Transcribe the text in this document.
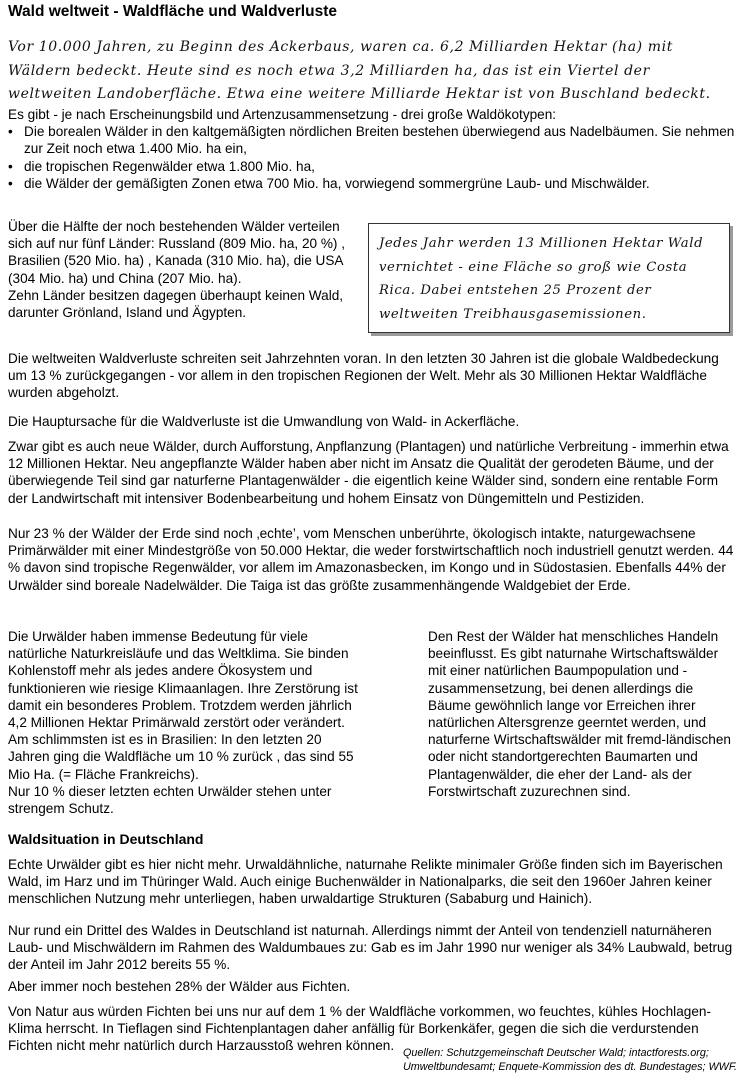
Wald weltweit - Waldfläche und Waldverluste
Vor 10.000 Jahren, zu Beginn des Ackerbaus, waren ca. 6,2 Milliarden Hektar (ha) mit Wäldern bedeckt. Heute sind es noch etwa 3,2 Milliarden ha, das ist ein Viertel der weltweiten Landoberfläche. Etwa eine weitere Milliarde Hektar ist von Buschland bedeckt.
Es gibt - je nach Erscheinungsbild und Artenzusammensetzung - drei große Waldökotypen:
• Die borealen Wälder in den kaltgemäßigten nördlichen Breiten bestehen überwiegend aus Nadelbäumen. Sie nehmen zur Zeit noch etwa 1.400 Mio. ha ein,
• die tropischen Regenwälder etwa 1.800 Mio. ha,
• die Wälder der gemäßigten Zonen etwa 700 Mio. ha, vorwiegend sommergrüne Laub- und Mischwälder.
Über die Hälfte der noch bestehenden Wälder verteilen sich auf nur fünf Länder: Russland (809 Mio. ha, 20 %) , Brasilien (520 Mio. ha) , Kanada (310 Mio. ha), die USA (304 Mio. ha) und China (207 Mio. ha).
Zehn Länder besitzen dagegen überhaupt keinen Wald, darunter Grönland, Island und Ägypten.
Jedes Jahr werden 13 Millionen Hektar Wald vernichtet - eine Fläche so groß wie Costa Rica. Dabei entstehen 25 Prozent der weltweiten Treibhausgasemissionen.
Die weltweiten Waldverluste schreiten seit Jahrzehnten voran. In den letzten 30 Jahren ist die globale Waldbedeckung um 13 % zurückgegangen - vor allem in den tropischen Regionen der Welt. Mehr als 30 Millionen Hektar Waldfläche wurden abgeholzt.
Die Hauptursache für die Waldverluste ist die Umwandlung von Wald- in Ackerfläche.
Zwar gibt es auch neue Wälder, durch Aufforstung, Anpflanzung (Plantagen) und natürliche Verbreitung - immerhin etwa 12 Millionen Hektar. Neu angepflanzte Wälder haben aber nicht im Ansatz die Qualität der gerodeten Bäume, und der überwiegende Teil sind gar naturferne Plantagenwälder - die eigentlich keine Wälder sind, sondern eine rentable Form der Landwirtschaft mit intensiver Bodenbearbeitung und hohem Einsatz von Düngemitteln und Pestiziden.
Nur 23 % der Wälder der Erde sind noch ‚echte’, vom Menschen unberührte, ökologisch intakte, naturgewachsene Primärwälder mit einer Mindestgröße von 50.000 Hektar, die weder forstwirtschaftlich noch industriell genutzt werden. 44 % davon sind tropische Regenwälder, vor allem im Amazonasbecken, im Kongo und in Südostasien. Ebenfalls 44% der Urwälder sind boreale Nadelwälder. Die Taiga ist das größte zusammenhängende Waldgebiet der Erde.
Die Urwälder haben immense Bedeutung für viele natürliche Naturkreisläufe und das Weltklima. Sie binden Kohlenstoff mehr als jedes andere Ökosystem und funktionieren wie riesige Klimaanlagen. Ihre Zerstörung ist damit ein besonderes Problem. Trotzdem werden jährlich 4,2 Millionen Hektar Primärwald zerstört oder verändert. Am schlimmsten ist es in Brasilien: In den letzten 20 Jahren ging die Waldfläche um 10 % zurück , das sind 55 Mio Ha. (= Fläche Frankreichs).
Nur 10 % dieser letzten echten Urwälder stehen unter strengem Schutz.
Den Rest der Wälder hat menschliches Handeln beeinflusst. Es gibt naturnahe Wirtschaftswälder mit einer natürlichen Baumpopulation und -zusammensetzung, bei denen allerdings die Bäume gewöhnlich lange vor Erreichen ihrer natürlichen Altersgrenze geerntet werden, und naturferne Wirtschaftswälder mit fremd-ländischen oder nicht standortgerechten Baumarten und Plantagenwälder, die eher der Land- als der Forstwirtschaft zuzurechnen sind.
Waldsituation in Deutschland
Echte Urwälder gibt es hier nicht mehr. Urwaldähnliche, naturnahe Relikte minimaler Größe finden sich im Bayerischen Wald, im Harz und im Thüringer Wald. Auch einige Buchenwälder in Nationalparks, die seit den 1960er Jahren keiner menschlichen Nutzung mehr unterliegen, haben urwaldartige Strukturen (Sababurg und Hainich).
Nur rund ein Drittel des Waldes in Deutschland ist naturnah. Allerdings nimmt der Anteil von tendenziell naturnäheren Laub- und Mischwäldern im Rahmen des Waldumbaues zu: Gab es im Jahr 1990 nur weniger als 34% Laubwald, betrug der Anteil im Jahr 2012 bereits 55 %.
Aber immer noch bestehen 28% der Wälder aus Fichten.
Von Natur aus würden Fichten bei uns nur auf dem 1 % der Waldfläche vorkommen, wo feuchtes, kühles Hochlagen-Klima herrscht. In Tieflagen sind Fichtenplantagen daher anfällig für Borkenkäfer, gegen die sich die verdurstenden Fichten nicht mehr natürlich durch Harzausstoß wehren können. Quellen: Schutzgemeinschaft Deutscher Wald; intactforests.org;
Umweltbundesamt; Enquete-Kommission des dt. Bundestages; WWF.
